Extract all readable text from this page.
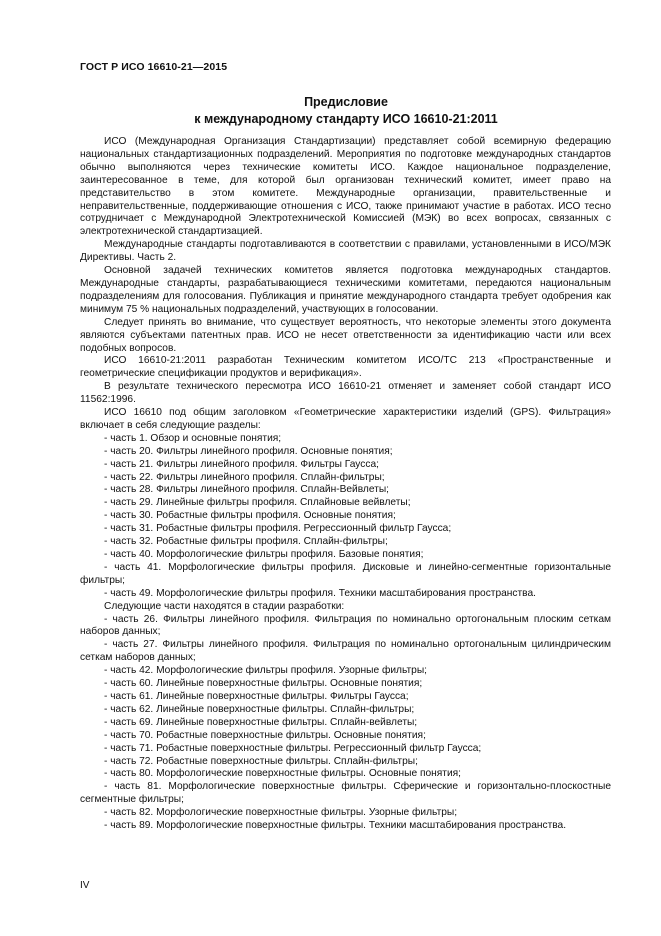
ГОСТ Р ИСО 16610-21—2015
Предисловие
к международному стандарту ИСО 16610-21:2011

ИСО (Международная Организация Стандартизации) представляет собой всемирную федерацию национальных стандартизационных подразделений. Мероприятия по подготовке международных стандартов обычно выполняются через технические комитеты ИСО. Каждое национальное подразделение, заинтересованное в теме, для которой был организован технический комитет, имеет право на представительство в этом комитете. Международные организации, правительственные и неправительственные, поддерживающие отношения с ИСО, также принимают участие в работах. ИСО тесно сотрудничает с Международной Электротехнической Комиссией (МЭК) во всех вопросах, связанных с электротехнической стандартизацией.

Международные стандарты подготавливаются в соответствии с правилами, установленными в ИСО/МЭК Директивы. Часть 2.

Основной задачей технических комитетов является подготовка международных стандартов. Международные стандарты, разрабатывающиеся техническими комитетами, передаются национальным подразделениям для голосования. Публикация и принятие международного стандарта требует одобрения как минимум 75 % национальных подразделений, участвующих в голосовании.

Следует принять во внимание, что существует вероятность, что некоторые элементы этого документа являются субъектами патентных прав. ИСО не несет ответственности за идентификацию части или всех подобных вопросов.

ИСО 16610-21:2011 разработан Техническим комитетом ИСО/ТС 213 «Пространственные и геометрические спецификации продуктов и верификация».

В результате технического пересмотра ИСО 16610-21 отменяет и заменяет собой стандарт ИСО 11562:1996.

ИСО 16610 под общим заголовком «Геометрические характеристики изделий (GPS). Фильтрация» включает в себя следующие разделы:

- часть 1. Обзор и основные понятия;

- часть 20. Фильтры линейного профиля. Основные понятия;

- часть 21. Фильтры линейного профиля. Фильтры Гаусса;

- часть 22. Фильтры линейного профиля. Сплайн-фильтры;

- часть 28. Фильтры линейного профиля. Сплайн-Вейвлеты;

- часть 29. Линейные фильтры профиля. Сплайновые вейвлеты;

- часть 30. Робастные фильтры профиля. Основные понятия;

- часть 31. Робастные фильтры профиля. Регрессионный фильтр Гаусса;

- часть 32. Робастные фильтры профиля. Сплайн-фильтры;

- часть 40. Морфологические фильтры профиля. Базовые понятия;

- часть 41. Морфологические фильтры профиля. Дисковые и линейно-сегментные горизонтальные фильтры;

- часть 49. Морфологические фильтры профиля. Техники масштабирования пространства.

Следующие части находятся в стадии разработки:

- часть 26. Фильтры линейного профиля. Фильтрация по номинально ортогональным плоским сеткам наборов данных;

- часть 27. Фильтры линейного профиля. Фильтрация по номинально ортогональным цилиндрическим сеткам наборов данных;

- часть 42. Морфологические фильтры профиля. Узорные фильтры;

- часть 60. Линейные поверхностные фильтры. Основные понятия;

- часть 61. Линейные поверхностные фильтры. Фильтры Гаусса;

- часть 62. Линейные поверхностные фильтры. Сплайн-фильтры;

- часть 69. Линейные поверхностные фильтры. Сплайн-вейвлеты;

- часть 70. Робастные поверхностные фильтры. Основные понятия;

- часть 71. Робастные поверхностные фильтры. Регрессионный фильтр Гаусса;

- часть 72. Робастные поверхностные фильтры. Сплайн-фильтры;

- часть 80. Морфологические поверхностные фильтры. Основные понятия;

- часть 81. Морфологические поверхностные фильтры. Сферические и горизонтально-плоскостные сегментные фильтры;

- часть 82. Морфологические поверхностные фильтры. Узорные фильтры;

- часть 89. Морфологические поверхностные фильтры. Техники масштабирования пространства.

IV
